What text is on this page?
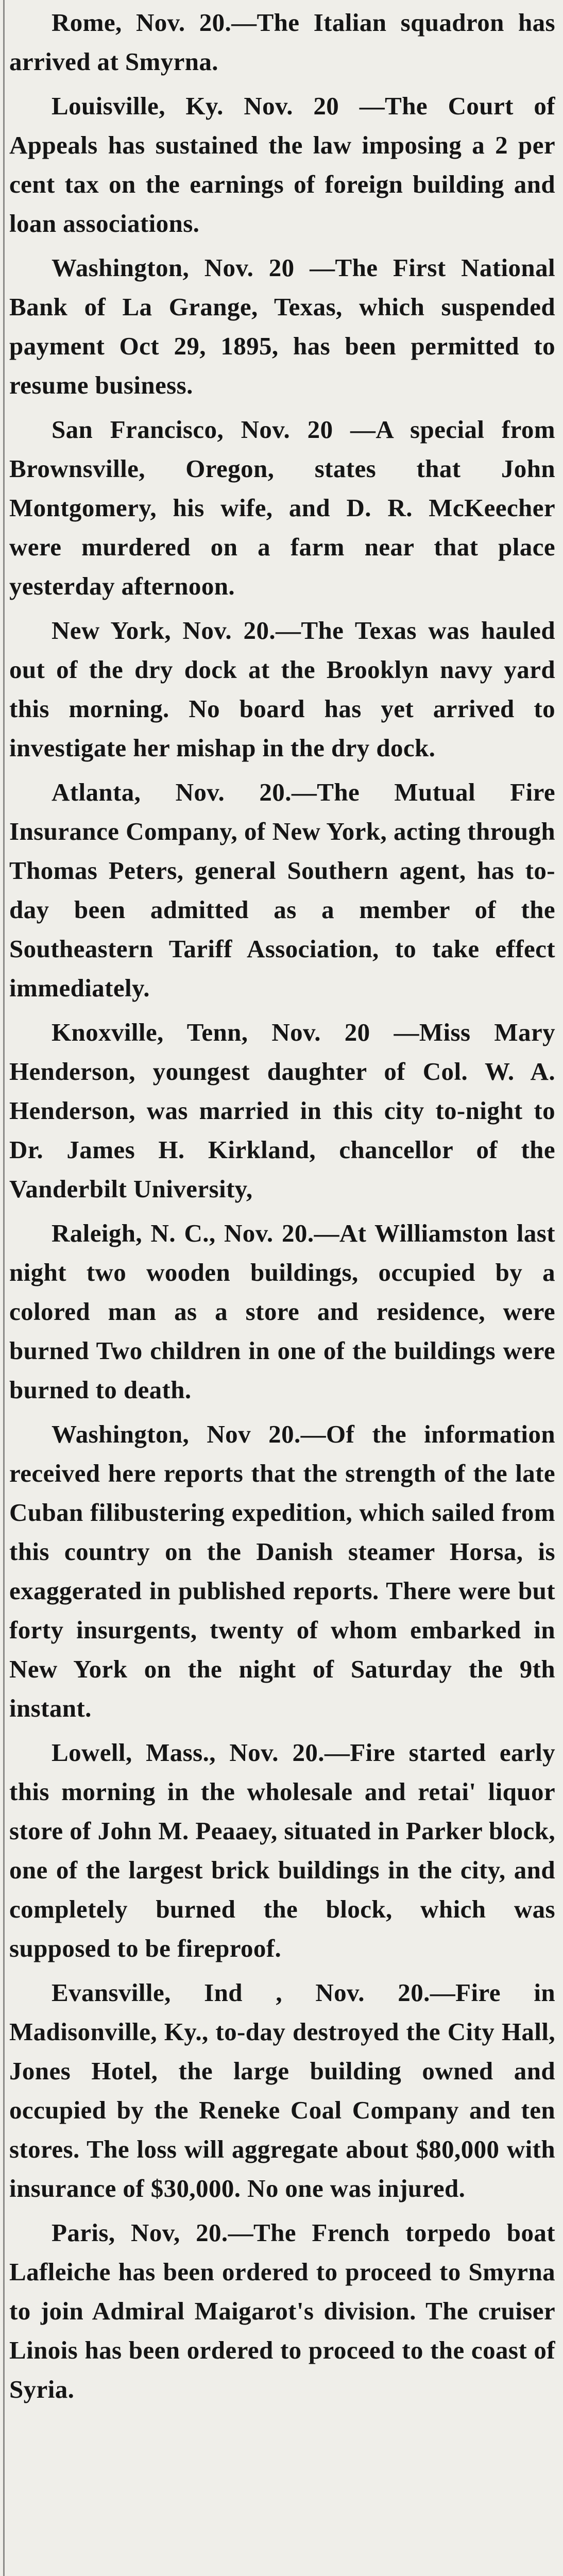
Rome, Nov. 20.—The Italian squadron has arrived at Smyrna.

Louisville, Ky. Nov. 20 —The Court of Appeals has sustained the law imposing a 2 per cent tax on the earnings of foreign building and loan associations.

Washington, Nov. 20 —The First National Bank of La Grange, Texas, which suspended payment Oct 29, 1895, has been permitted to resume business.

San Francisco, Nov. 20 —A special from Brownsville, Oregon, states that John Montgomery, his wife, and D. R. McKeecher were murdered on a farm near that place yesterday afternoon.

New York, Nov. 20.—The Texas was hauled out of the dry dock at the Brooklyn navy yard this morning. No board has yet arrived to investigate her mishap in the dry dock.

Atlanta, Nov. 20.—The Mutual Fire Insurance Company, of New York, acting through Thomas Peters, general Southern agent, has to-day been admitted as a member of the Southeastern Tariff Association, to take effect immediately.

Knoxville, Tenn, Nov. 20 —Miss Mary Henderson, youngest daughter of Col. W. A. Henderson, was married in this city to-night to Dr. James H. Kirkland, chancellor of the Vanderbilt University,

Raleigh, N. C., Nov. 20.—At Williamston last night two wooden buildings, occupied by a colored man as a store and residence, were burned Two children in one of the buildings were burned to death.

Washington, Nov 20.—Of the information received here reports that the strength of the late Cuban filibustering expedition, which sailed from this country on the Danish steamer Horsa, is exaggerated in published reports. There were but forty insurgents, twenty of whom embarked in New York on the night of Saturday the 9th instant.

Lowell, Mass., Nov. 20.—Fire started early this morning in the wholesale and retai' liquor store of John M. Peaaey, situated in Parker block, one of the largest brick buildings in the city, and completely burned the block, which was supposed to be fireproof.

Evansville, Ind , Nov. 20.—Fire in Madisonville, Ky., to-day destroyed the City Hall, Jones Hotel, the large building owned and occupied by the Reneke Coal Company and ten stores. The loss will aggregate about $80,000 with insurance of $30,000. No one was injured.

Paris, Nov, 20.—The French torpedo boat Lafleiche has been ordered to proceed to Smyrna to join Admiral Maigarot's division. The cruiser Linois has been ordered to proceed to the coast of Syria.
